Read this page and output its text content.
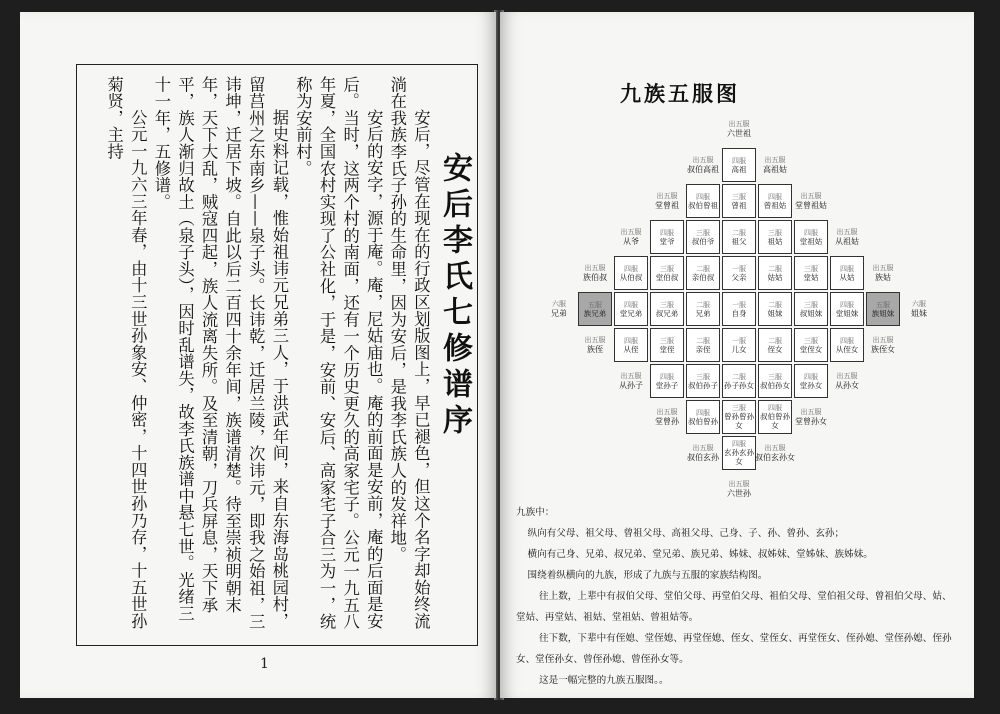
安后李氏七修谱序

安后，尽管在现在的行政区划版图上，早已褪色，但这个名字却始终流淌在我族李氏子孙的生命里，因为安后，是我李氏族人的发祥地。

安后的安字，源于庵。庵，尼姑庙也。庵的前面是安前，庵的后面是安后。当时，这两个村的南面，还有一个历史更久的高家宅子。公元一九五八年夏，全国农村实现了公社化，于是，安前、安后、高家宅子合三为一，统称为安前村。

据史料记载，惟始祖讳元兄弟三人，于洪武年间，来自东海岛桃园村，留莒州之东南乡——泉子头。长讳乾，迁居兰陵，次讳元，即我之始祖，三讳坤，迁居下坡。自此以后二百四十余年间，族谱清楚。待至崇祯明朝末年，天下大乱，贼寇四起，族人流离失所。及至清朝，刀兵屏息，天下承平，族人渐归故土（泉子头），因时乱谱失，故李氏族谱中悬七世。光绪三十一年，五修谱。

公元一九六三年春，由十三世孙象安、仲密，十四世孙乃存，十五世孙菊贤，主持

1
九族五服图
出五服
六世祖
出五服
叔伯高祖
四服
高祖
出五服
高祖姑
出五服
堂曾祖
四服
叔伯曾祖
三服
曾祖
四服
曾祖姑
出五服
堂曾祖姑
出五服
从爷
四服
堂爷
三服
叔伯爷
二服
祖父
三服
祖姑
四服
堂祖姑
出五服
从祖姑
出五服
族伯叔
四服
从伯叔
三服
堂伯叔
二服
亲伯叔
一服
父亲
二服
姑姑
三服
堂姑
四服
从姑
出五服
族姑
六服
兄弟
五服
族兄弟
四服
堂兄弟
三服
叔兄弟
二服
兄弟
一服
自身
二服
姐妹
三服
叔姐妹
四服
堂姐妹
五服
族姐妹
六服
姐妹
出五服
族侄
四服
从侄
三服
堂侄
二服
亲侄
一服
儿女
二服
侄女
三服
堂侄女
四服
从侄女
出五服
族侄女
出五服
从孙子
四服
堂孙子
三服
叔伯孙子
二服
孙子孙女
三服
叔伯孙女
四服
堂孙女
出五服
从孙女
出五服
堂曾孙
四服
叔伯曾孙
三服
曾孙曾孙女
四服
叔伯曾孙女
出五服
堂曾孙女
出五服
叔伯玄孙
四服
玄孙玄孙女
出五服
叔伯玄孙女
出五服
六世孙

九族中：

纵向有父母、祖父母、曾祖父母、高祖父母、己身、子、孙、曾孙、玄孙；

横向有己身、兄弟、叔兄弟、堂兄弟、族兄弟、姊妹、叔姊妹、堂姊妹、族姊妹。

围绕着纵横向的九族，形成了九族与五服的家族结构图。

往上数，上辈中有叔伯父母、堂伯父母、再堂伯父母、祖伯父母、堂伯祖父母、曾祖伯父母、姑、堂姑、再堂姑、祖姑、堂祖姑、曾祖姑等。

往下数，下辈中有侄媳、堂侄媳、再堂侄媳、侄女、堂侄女、再堂侄女、侄孙媳、堂侄孙媳、侄孙女、堂侄孙女、曾侄孙媳、曾侄孙女等。

这是一幅完整的九族五服图。。
